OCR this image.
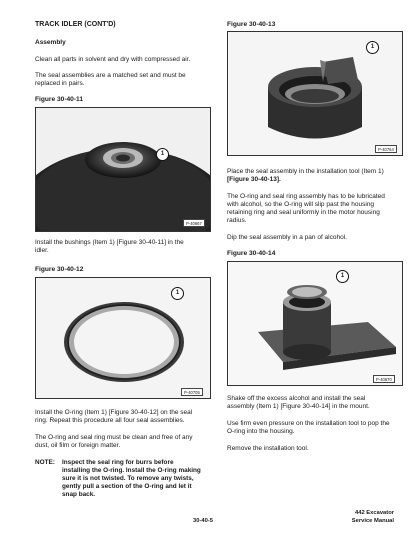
TRACK IDLER (CONT'D)
Assembly
Clean all parts in solvent and dry with compressed air.
The seal assemblies are a matched set and must be
replaced in pairs.
Figure 30-40-11
1
P-40667
Install the bushings (Item 1) [Figure 30-40-11] in the
idler.
Figure 30-40-12
1
P-40705
Install the O-ring (Item 1) [Figure 30-40-12] on the seal
ring. Repeat this procedure all four seal assemblies.
The O-ring and seal ring must be clean and free of any
dust, oil film or foreign matter.
NOTE: Inspect the seal ring for burrs before
installing the O-ring. Install the O-ring making
sure it is not twisted. To remove any twists,
gently pull a section of the O-ring and let it
snap back.
Figure 30-40-13
1
P-40764
Place the seal assembly in the installation tool (Item 1)
[Figure 30-40-13].
The O-ring and seal ring assembly has to be lubricated
with alcohol, so the O-ring will slip past the housing
retaining ring and seal uniformly in the motor housing
radius.
Dip the seal assembly in a pan of alcohol.
Figure 30-40-14
1
P-40670
Shake off the excess alcohol and install the seal
assembly (Item 1) [Figure 30-40-14] in the mount.
Use firm even pressure on the installation tool to pop the
O-ring into the housing.
Remove the installation tool.
30-40-5
442 Excavator
Service Manual
